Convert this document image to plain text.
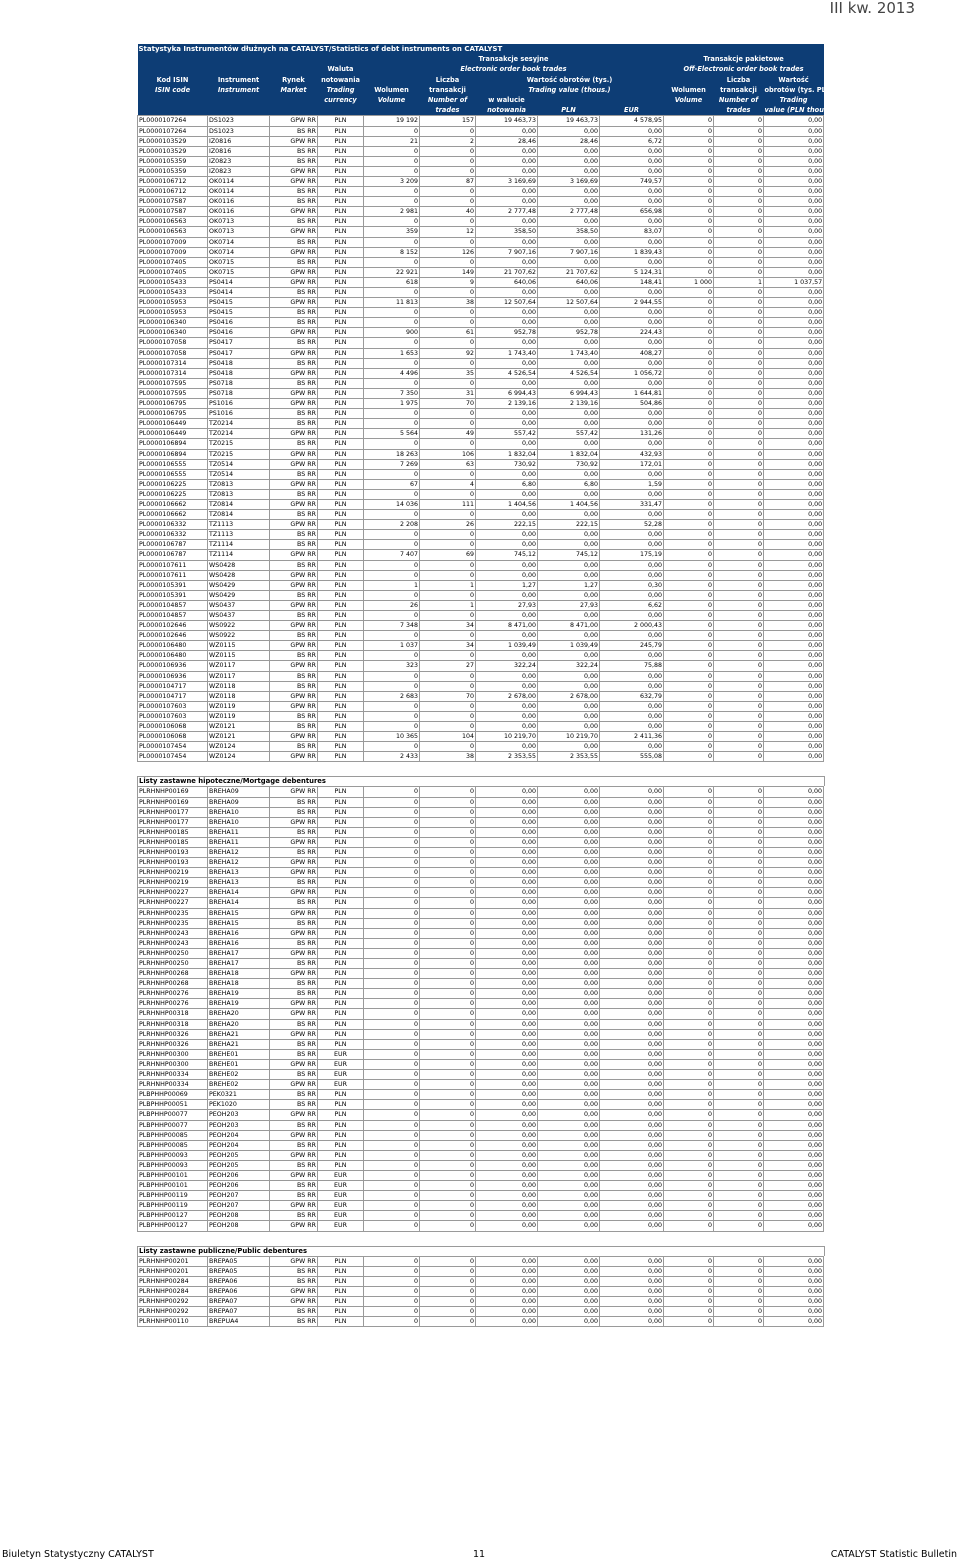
III kw. 2013
Statystyka Instrumentów dłużnych na CATALYST/Statistics of debt instruments on CATALYST											
				Transakcje sesyjne					Transakcje pakietowe		
			Waluta	Electronic order book trades					Off-Electronic order book trades		
Kod ISIN	Instrument	Rynek	notowania		Liczba	Wartość obrotów (tys.)				Liczba	Wartość
ISIN code	Instrument	Market	Trading	Wolumen	transakcji	Trading value (thous.)			Wolumen	transakcji	obrotów (tys. PLN)
			currency	Volume	Number of	w walucie			Volume	Number of	Trading
					trades	notowania	PLN	EUR		trades	value (PLN thous.)
PL0000107264	DS1023	GPW RR	PLN	19 192	157	19 463,73	19 463,73	4 578,95	0	0	0,00
PL0000107264	DS1023	BS RR	PLN	0	0	0,00	0,00	0,00	0	0	0,00
PL0000103529	IZ0816	GPW RR	PLN	21	2	28,46	28,46	6,72	0	0	0,00
PL0000103529	IZ0816	BS RR	PLN	0	0	0,00	0,00	0,00	0	0	0,00
PL0000105359	IZ0823	BS RR	PLN	0	0	0,00	0,00	0,00	0	0	0,00
PL0000105359	IZ0823	GPW RR	PLN	0	0	0,00	0,00	0,00	0	0	0,00
PL0000106712	OK0114	GPW RR	PLN	3 209	87	3 169,69	3 169,69	749,57	0	0	0,00
PL0000106712	OK0114	BS RR	PLN	0	0	0,00	0,00	0,00	0	0	0,00
PL0000107587	OK0116	BS RR	PLN	0	0	0,00	0,00	0,00	0	0	0,00
PL0000107587	OK0116	GPW RR	PLN	2 981	40	2 777,48	2 777,48	656,98	0	0	0,00
PL0000106563	OK0713	BS RR	PLN	0	0	0,00	0,00	0,00	0	0	0,00
PL0000106563	OK0713	GPW RR	PLN	359	12	358,50	358,50	83,07	0	0	0,00
PL0000107009	OK0714	BS RR	PLN	0	0	0,00	0,00	0,00	0	0	0,00
PL0000107009	OK0714	GPW RR	PLN	8 152	126	7 907,16	7 907,16	1 839,43	0	0	0,00
PL0000107405	OK0715	BS RR	PLN	0	0	0,00	0,00	0,00	0	0	0,00
PL0000107405	OK0715	GPW RR	PLN	22 921	149	21 707,62	21 707,62	5 124,31	0	0	0,00
PL0000105433	PS0414	GPW RR	PLN	618	9	640,06	640,06	148,41	1 000	1	1 037,57
PL0000105433	PS0414	BS RR	PLN	0	0	0,00	0,00	0,00	0	0	0,00
PL0000105953	PS0415	GPW RR	PLN	11 813	38	12 507,64	12 507,64	2 944,55	0	0	0,00
PL0000105953	PS0415	BS RR	PLN	0	0	0,00	0,00	0,00	0	0	0,00
PL0000106340	PS0416	BS RR	PLN	0	0	0,00	0,00	0,00	0	0	0,00
PL0000106340	PS0416	GPW RR	PLN	900	61	952,78	952,78	224,43	0	0	0,00
PL0000107058	PS0417	BS RR	PLN	0	0	0,00	0,00	0,00	0	0	0,00
PL0000107058	PS0417	GPW RR	PLN	1 653	92	1 743,40	1 743,40	408,27	0	0	0,00
PL0000107314	PS0418	BS RR	PLN	0	0	0,00	0,00	0,00	0	0	0,00
PL0000107314	PS0418	GPW RR	PLN	4 496	35	4 526,54	4 526,54	1 056,72	0	0	0,00
PL0000107595	PS0718	BS RR	PLN	0	0	0,00	0,00	0,00	0	0	0,00
PL0000107595	PS0718	GPW RR	PLN	7 350	31	6 994,43	6 994,43	1 644,81	0	0	0,00
PL0000106795	PS1016	GPW RR	PLN	1 975	70	2 139,16	2 139,16	504,86	0	0	0,00
PL0000106795	PS1016	BS RR	PLN	0	0	0,00	0,00	0,00	0	0	0,00
PL0000106449	TZ0214	BS RR	PLN	0	0	0,00	0,00	0,00	0	0	0,00
PL0000106449	TZ0214	GPW RR	PLN	5 564	49	557,42	557,42	131,26	0	0	0,00
PL0000106894	TZ0215	BS RR	PLN	0	0	0,00	0,00	0,00	0	0	0,00
PL0000106894	TZ0215	GPW RR	PLN	18 263	106	1 832,04	1 832,04	432,93	0	0	0,00
PL0000106555	TZ0514	GPW RR	PLN	7 269	63	730,92	730,92	172,01	0	0	0,00
PL0000106555	TZ0514	BS RR	PLN	0	0	0,00	0,00	0,00	0	0	0,00
PL0000106225	TZ0813	GPW RR	PLN	67	4	6,80	6,80	1,59	0	0	0,00
PL0000106225	TZ0813	BS RR	PLN	0	0	0,00	0,00	0,00	0	0	0,00
PL0000106662	TZ0814	GPW RR	PLN	14 036	111	1 404,56	1 404,56	331,47	0	0	0,00
PL0000106662	TZ0814	BS RR	PLN	0	0	0,00	0,00	0,00	0	0	0,00
PL0000106332	TZ1113	GPW RR	PLN	2 208	26	222,15	222,15	52,28	0	0	0,00
PL0000106332	TZ1113	BS RR	PLN	0	0	0,00	0,00	0,00	0	0	0,00
PL0000106787	TZ1114	BS RR	PLN	0	0	0,00	0,00	0,00	0	0	0,00
PL0000106787	TZ1114	GPW RR	PLN	7 407	69	745,12	745,12	175,19	0	0	0,00
PL0000107611	WS0428	BS RR	PLN	0	0	0,00	0,00	0,00	0	0	0,00
PL0000107611	WS0428	GPW RR	PLN	0	0	0,00	0,00	0,00	0	0	0,00
PL0000105391	WS0429	GPW RR	PLN	1	1	1,27	1,27	0,30	0	0	0,00
PL0000105391	WS0429	BS RR	PLN	0	0	0,00	0,00	0,00	0	0	0,00
PL0000104857	WS0437	GPW RR	PLN	26	1	27,93	27,93	6,62	0	0	0,00
PL0000104857	WS0437	BS RR	PLN	0	0	0,00	0,00	0,00	0	0	0,00
PL0000102646	WS0922	GPW RR	PLN	7 348	34	8 471,00	8 471,00	2 000,43	0	0	0,00
PL0000102646	WS0922	BS RR	PLN	0	0	0,00	0,00	0,00	0	0	0,00
PL0000106480	WZ0115	GPW RR	PLN	1 037	34	1 039,49	1 039,49	245,79	0	0	0,00
PL0000106480	WZ0115	BS RR	PLN	0	0	0,00	0,00	0,00	0	0	0,00
PL0000106936	WZ0117	GPW RR	PLN	323	27	322,24	322,24	75,88	0	0	0,00
PL0000106936	WZ0117	BS RR	PLN	0	0	0,00	0,00	0,00	0	0	0,00
PL0000104717	WZ0118	BS RR	PLN	0	0	0,00	0,00	0,00	0	0	0,00
PL0000104717	WZ0118	GPW RR	PLN	2 683	70	2 678,00	2 678,00	632,79	0	0	0,00
PL0000107603	WZ0119	GPW RR	PLN	0	0	0,00	0,00	0,00	0	0	0,00
PL0000107603	WZ0119	BS RR	PLN	0	0	0,00	0,00	0,00	0	0	0,00
PL0000106068	WZ0121	BS RR	PLN	0	0	0,00	0,00	0,00	0	0	0,00
PL0000106068	WZ0121	GPW RR	PLN	10 365	104	10 219,70	10 219,70	2 411,36	0	0	0,00
PL0000107454	WZ0124	BS RR	PLN	0	0	0,00	0,00	0,00	0	0	0,00
PL0000107454	WZ0124	GPW RR	PLN	2 433	38	2 353,55	2 353,55	555,08	0	0	0,00
Listy zastawne hipoteczne/Mortgage debentures
PLRHNHP00169	BREHA09	GPW RR	PLN	0	0	0,00	0,00	0,00	0	0	0,00
PLRHNHP00169	BREHA09	BS RR	PLN	0	0	0,00	0,00	0,00	0	0	0,00
PLRHNHP00177	BREHA10	BS RR	PLN	0	0	0,00	0,00	0,00	0	0	0,00
PLRHNHP00177	BREHA10	GPW RR	PLN	0	0	0,00	0,00	0,00	0	0	0,00
PLRHNHP00185	BREHA11	BS RR	PLN	0	0	0,00	0,00	0,00	0	0	0,00
PLRHNHP00185	BREHA11	GPW RR	PLN	0	0	0,00	0,00	0,00	0	0	0,00
PLRHNHP00193	BREHA12	BS RR	PLN	0	0	0,00	0,00	0,00	0	0	0,00
PLRHNHP00193	BREHA12	GPW RR	PLN	0	0	0,00	0,00	0,00	0	0	0,00
PLRHNHP00219	BREHA13	GPW RR	PLN	0	0	0,00	0,00	0,00	0	0	0,00
PLRHNHP00219	BREHA13	BS RR	PLN	0	0	0,00	0,00	0,00	0	0	0,00
PLRHNHP00227	BREHA14	GPW RR	PLN	0	0	0,00	0,00	0,00	0	0	0,00
PLRHNHP00227	BREHA14	BS RR	PLN	0	0	0,00	0,00	0,00	0	0	0,00
PLRHNHP00235	BREHA15	GPW RR	PLN	0	0	0,00	0,00	0,00	0	0	0,00
PLRHNHP00235	BREHA15	BS RR	PLN	0	0	0,00	0,00	0,00	0	0	0,00
PLRHNHP00243	BREHA16	GPW RR	PLN	0	0	0,00	0,00	0,00	0	0	0,00
PLRHNHP00243	BREHA16	BS RR	PLN	0	0	0,00	0,00	0,00	0	0	0,00
PLRHNHP00250	BREHA17	GPW RR	PLN	0	0	0,00	0,00	0,00	0	0	0,00
PLRHNHP00250	BREHA17	BS RR	PLN	0	0	0,00	0,00	0,00	0	0	0,00
PLRHNHP00268	BREHA18	GPW RR	PLN	0	0	0,00	0,00	0,00	0	0	0,00
PLRHNHP00268	BREHA18	BS RR	PLN	0	0	0,00	0,00	0,00	0	0	0,00
PLRHNHP00276	BREHA19	BS RR	PLN	0	0	0,00	0,00	0,00	0	0	0,00
PLRHNHP00276	BREHA19	GPW RR	PLN	0	0	0,00	0,00	0,00	0	0	0,00
PLRHNHP00318	BREHA20	GPW RR	PLN	0	0	0,00	0,00	0,00	0	0	0,00
PLRHNHP00318	BREHA20	BS RR	PLN	0	0	0,00	0,00	0,00	0	0	0,00
PLRHNHP00326	BREHA21	GPW RR	PLN	0	0	0,00	0,00	0,00	0	0	0,00
PLRHNHP00326	BREHA21	BS RR	PLN	0	0	0,00	0,00	0,00	0	0	0,00
PLRHNHP00300	BREHE01	BS RR	EUR	0	0	0,00	0,00	0,00	0	0	0,00
PLRHNHP00300	BREHE01	GPW RR	EUR	0	0	0,00	0,00	0,00	0	0	0,00
PLRHNHP00334	BREHE02	BS RR	EUR	0	0	0,00	0,00	0,00	0	0	0,00
PLRHNHP00334	BREHE02	GPW RR	EUR	0	0	0,00	0,00	0,00	0	0	0,00
PLBPHHP00069	PEK0321	BS RR	PLN	0	0	0,00	0,00	0,00	0	0	0,00
PLBPHHP00051	PEK1020	BS RR	PLN	0	0	0,00	0,00	0,00	0	0	0,00
PLBPHHP00077	PEOH203	GPW RR	PLN	0	0	0,00	0,00	0,00	0	0	0,00
PLBPHHP00077	PEOH203	BS RR	PLN	0	0	0,00	0,00	0,00	0	0	0,00
PLBPHHP00085	PEOH204	GPW RR	PLN	0	0	0,00	0,00	0,00	0	0	0,00
PLBPHHP00085	PEOH204	BS RR	PLN	0	0	0,00	0,00	0,00	0	0	0,00
PLBPHHP00093	PEOH205	GPW RR	PLN	0	0	0,00	0,00	0,00	0	0	0,00
PLBPHHP00093	PEOH205	BS RR	PLN	0	0	0,00	0,00	0,00	0	0	0,00
PLBPHHP00101	PEOH206	GPW RR	EUR	0	0	0,00	0,00	0,00	0	0	0,00
PLBPHHP00101	PEOH206	BS RR	EUR	0	0	0,00	0,00	0,00	0	0	0,00
PLBPHHP00119	PEOH207	BS RR	EUR	0	0	0,00	0,00	0,00	0	0	0,00
PLBPHHP00119	PEOH207	GPW RR	EUR	0	0	0,00	0,00	0,00	0	0	0,00
PLBPHHP00127	PEOH208	BS RR	EUR	0	0	0,00	0,00	0,00	0	0	0,00
PLBPHHP00127	PEOH208	GPW RR	EUR	0	0	0,00	0,00	0,00	0	0	0,00
Listy zastawne publiczne/Public debentures
PLRHNHP00201	BREPA05	GPW RR	PLN	0	0	0,00	0,00	0,00	0	0	0,00
PLRHNHP00201	BREPA05	BS RR	PLN	0	0	0,00	0,00	0,00	0	0	0,00
PLRHNHP00284	BREPA06	BS RR	PLN	0	0	0,00	0,00	0,00	0	0	0,00
PLRHNHP00284	BREPA06	GPW RR	PLN	0	0	0,00	0,00	0,00	0	0	0,00
PLRHNHP00292	BREPA07	GPW RR	PLN	0	0	0,00	0,00	0,00	0	0	0,00
PLRHNHP00292	BREPA07	BS RR	PLN	0	0	0,00	0,00	0,00	0	0	0,00
PLRHNHP00110	BREPUA4	BS RR	PLN	0	0	0,00	0,00	0,00	0	0	0,00
Biuletyn Statystyczny CATALYST	11	CATALYST Statistic Bulletin
